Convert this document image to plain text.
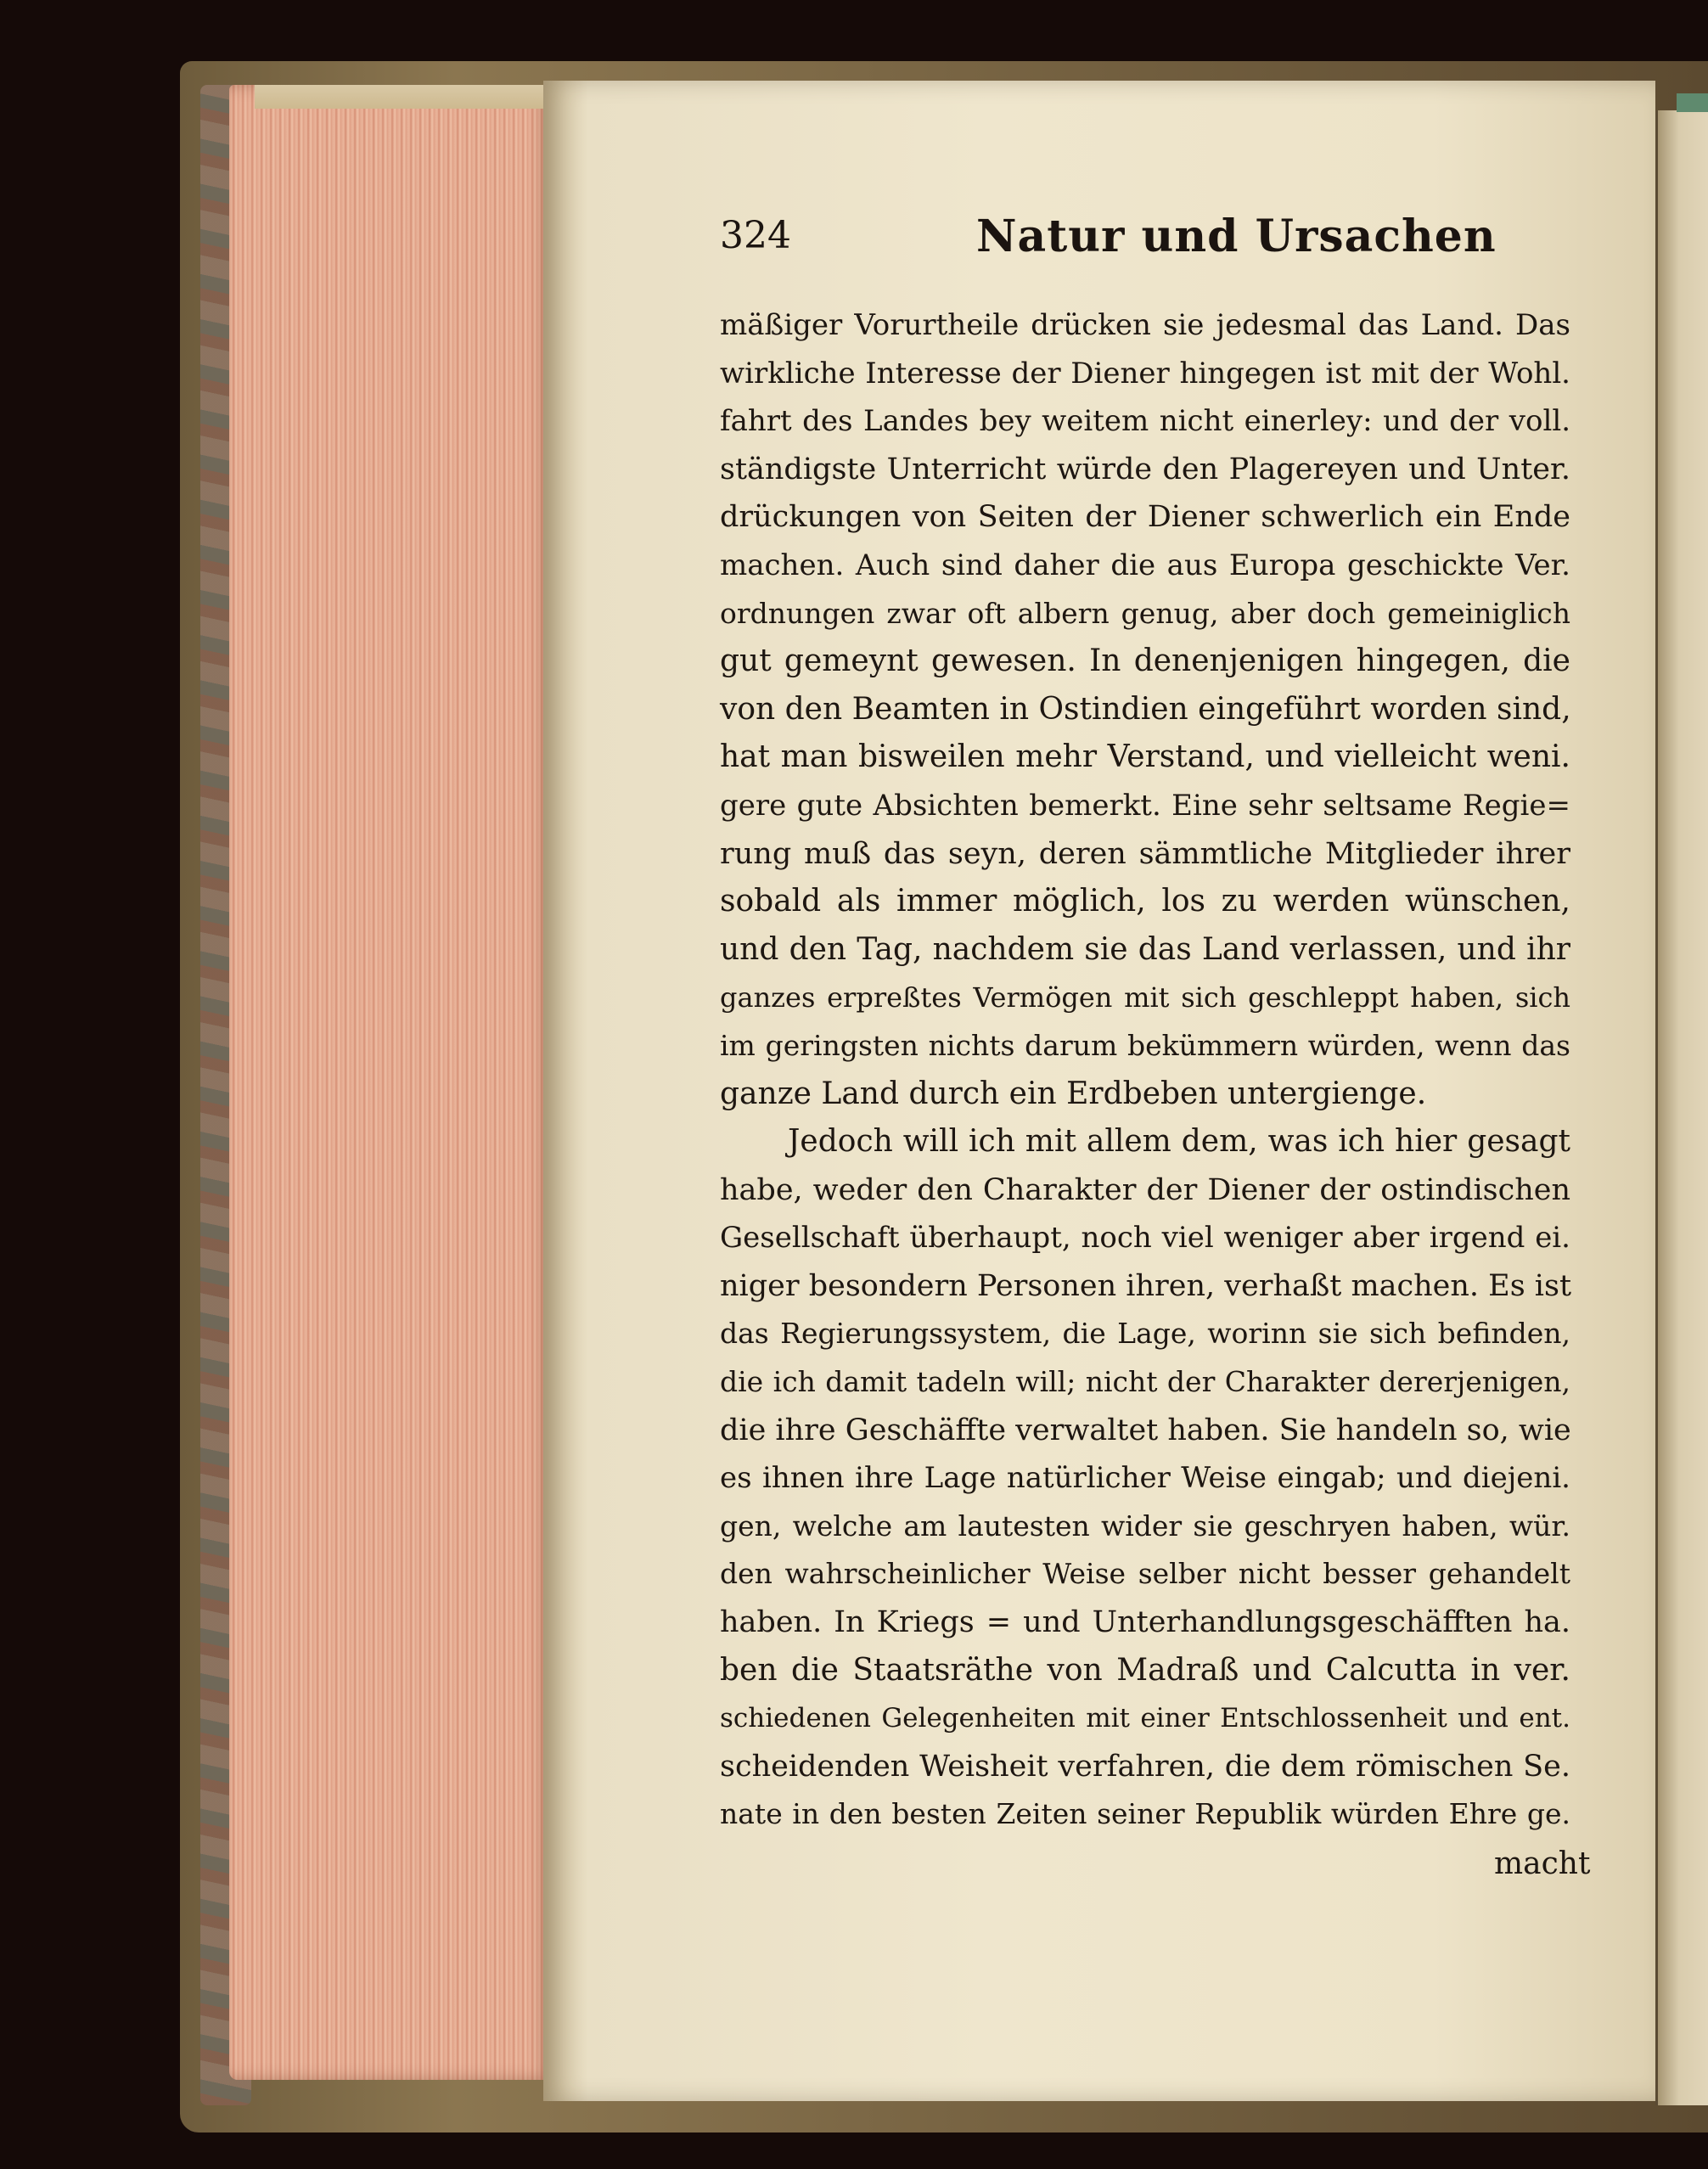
324	Natur und Ursachen
mäßiger Vorurtheile drücken sie jedesmal das Land. Das
wirkliche Interesse der Diener hingegen ist mit der Wohl.
fahrt des Landes bey weitem nicht einerley: und der voll.
ständigste Unterricht würde den Plagereyen und Unter.
drückungen von Seiten der Diener schwerlich ein Ende
machen. Auch sind daher die aus Europa geschickte Ver.
ordnungen zwar oft albern genug, aber doch gemeiniglich
gut gemeynt gewesen. In denenjenigen hingegen, die
von den Beamten in Ostindien eingeführt worden sind,
hat man bisweilen mehr Verstand, und vielleicht weni.
gere gute Absichten bemerkt. Eine sehr seltsame Regie=
rung muß das seyn, deren sämmtliche Mitglieder ihrer
sobald als immer möglich, los zu werden wünschen,
und den Tag, nachdem sie das Land verlassen, und ihr
ganzes erpreßtes Vermögen mit sich geschleppt haben, sich
im geringsten nichts darum bekümmern würden, wenn das
ganze Land durch ein Erdbeben untergienge.
Jedoch will ich mit allem dem, was ich hier gesagt
habe, weder den Charakter der Diener der ostindischen
Gesellschaft überhaupt, noch viel weniger aber irgend ei.
niger besondern Personen ihren, verhaßt machen. Es ist
das Regierungssystem, die Lage, worinn sie sich befinden,
die ich damit tadeln will; nicht der Charakter dererjenigen,
die ihre Geschäffte verwaltet haben. Sie handeln so, wie
es ihnen ihre Lage natürlicher Weise eingab; und diejeni.
gen, welche am lautesten wider sie geschryen haben, wür.
den wahrscheinlicher Weise selber nicht besser gehandelt
haben. In Kriegs = und Unterhandlungsgeschäfften ha.
ben die Staatsräthe von Madraß und Calcutta in ver.
schiedenen Gelegenheiten mit einer Entschlossenheit und ent.
scheidenden Weisheit verfahren, die dem römischen Se.
nate in den besten Zeiten seiner Republik würden Ehre ge.
macht
